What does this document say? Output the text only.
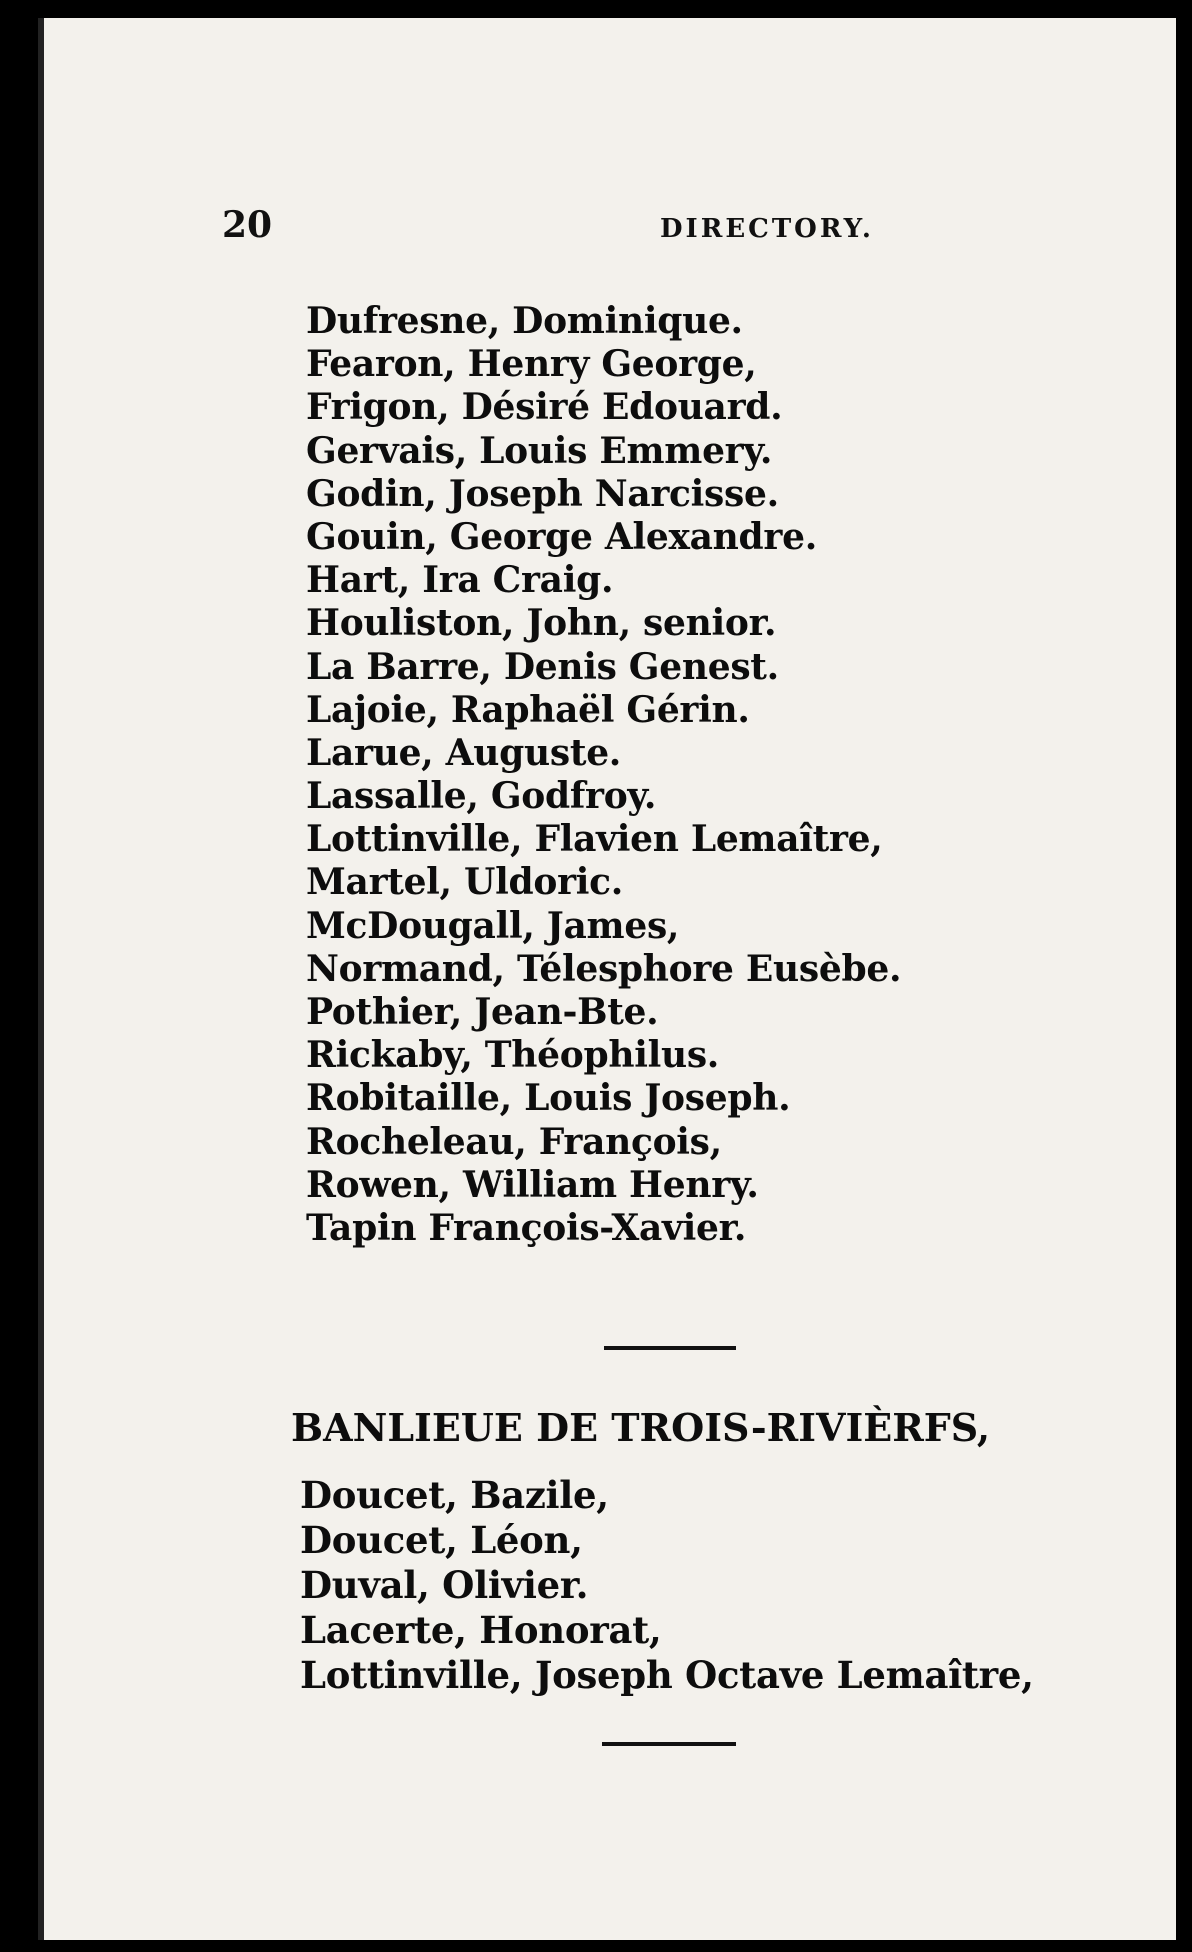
20	DIRECTORY.
Dufresne, Dominique.
Fearon, Henry George,
Frigon, Désiré Edouard.
Gervais, Louis Emmery.
Godin, Joseph Narcisse.
Gouin, George Alexandre.
Hart, Ira Craig.
Houliston, John, senior.
La Barre, Denis Genest.
Lajoie, Raphaël Gérin.
Larue, Auguste.
Lassalle, Godfroy.
Lottinville, Flavien Lemaître,
Martel, Uldoric.
McDougall, James,
Normand, Télesphore Eusèbe.
Pothier, Jean-Bte.
Rickaby, Théophilus.
Robitaille, Louis Joseph.
Rocheleau, François,
Rowen, William Henry.
Tapin François-Xavier.
BANLIEUE DE TROIS-RIVIÈRFS,
Doucet, Bazile,
Doucet, Léon,
Duval, Olivier.
Lacerte, Honorat,
Lottinville, Joseph Octave Lemaître,
